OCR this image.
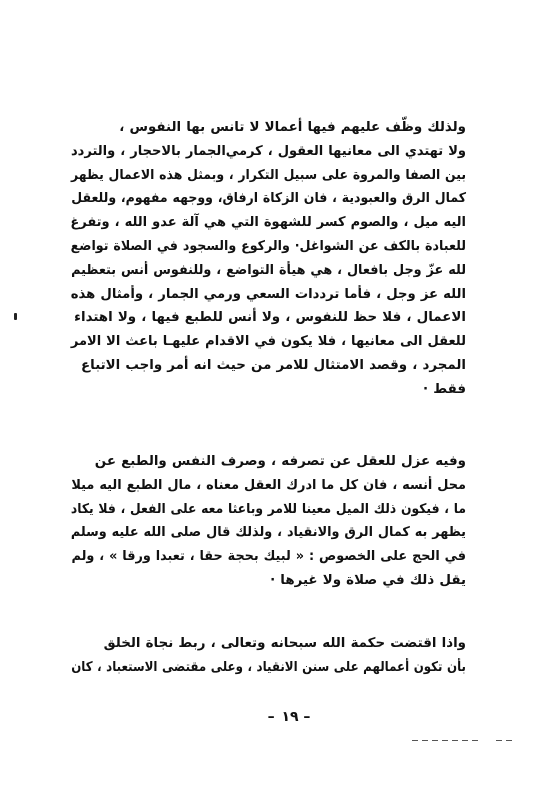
ولذلك وظّف عليهم فيها أعمالا لا تانس بها النفوس ،
ولا تهتدي الى معانيها العقول ، كرمي‌الجمار بالاحجار ، والتردد
بين الصفا والمروة على سبيل التكرار ، وبمثل هذه الاعمال يظهر
كمال الرق والعبودية ، فان الزكاة ارفاق، ووجهه مفهوم، وللعقل
اليه ميل ، والصوم كسر للشهوة التي هي آلة عدو الله ، وتفرغ
للعبادة بالكف عن الشواغل· والركوع والسجود في الصلاة تواضع
لله عزّ وجل بافعال ، هي هيأة التواضع ، وللنفوس أنس بتعظيم
الله عز وجل ، فأما ترددات السعي ورمي الجمار ، وأمثال هذه
الاعمال ، فلا حظ للنفوس ، ولا أنس للطبع فيها ، ولا اهتداء
للعقل الى معانيها ، فلا يكون في الاقدام عليهـا باعث الا الامر
المجرد ، وقصد الامتثال للامر من حيث انه أمر واجب الاتباع
فقط ·
وفيه عزل للعقل عن تصرفه ، وصرف النفس والطبع عن
محل أنسه ، فان كل ما ادرك العقل معناه ، مال الطبع اليه ميلا
ما ، فيكون ذلك الميل معينا للامر وباعثا معه على الفعل ، فلا يكاد
يظهر به كمال الرق والانقياد ، ولذلك قال صلى الله عليه وسلم
في الحج على الخصوص : « لبيك بحجة حقا ، تعبدا ورقا » ، ولم
يقل ذلك في صلاة ولا غيرها ·
واذا اقتضت حكمة الله سبحانه وتعالى ، ربط نجاة الخلق
بأن تكون أعمالهم على سنن الانقياد ، وعلى مقتضى الاستعباد ، كان
– ١٩ –
